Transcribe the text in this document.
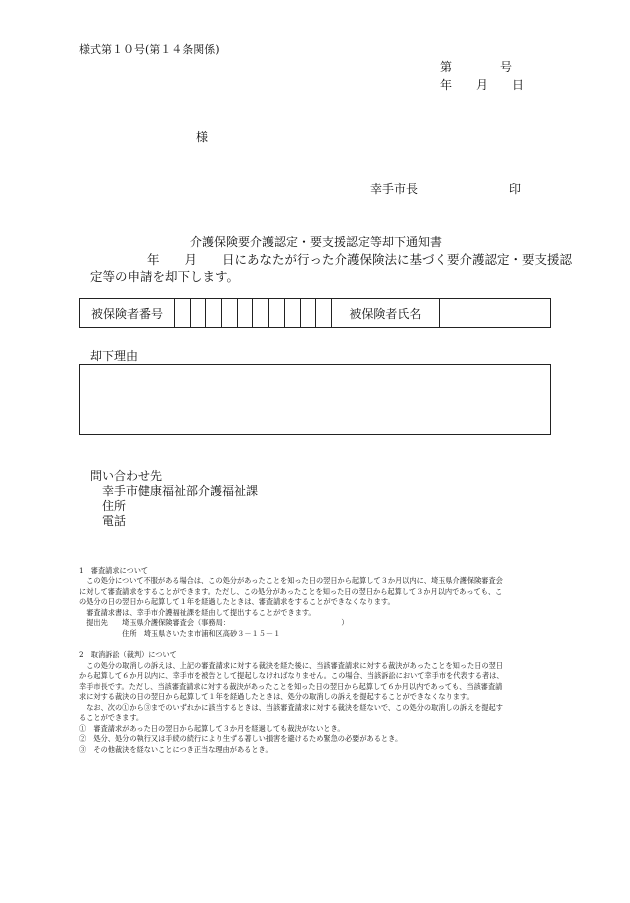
様式第１０号(第１４条関係)
第　　　　号
年　　月　　日
様
幸手市長	印
介護保険要介護認定・要支援認定等却下通知書
年　　月　　日にあなたが行った介護保険法に基づく要介護認定・要支援認
定等の申請を却下します。
被保険者番号	被保険者氏名
却下理由
問い合わせ先
幸手市健康福祉部介護福祉課
住所
電話
1　審査請求について
　この処分について不服がある場合は、この処分があったことを知った日の翌日から起算して３か月以内に、埼玉県介護保険審査会
に対して審査請求をすることができます。ただし、この処分があったことを知った日の翌日から起算して３か月以内であっても、こ
の処分の日の翌日から起算して１年を経過したときは、審査請求をすることができなくなります。
　審査請求書は、幸手市介護福祉課を経由して提出することができます。
　提出先　　埼玉県介護保険審査会（事務局：　　　　　　　　　　　　　　　　）
　　　　　　住所　埼玉県さいたま市浦和区高砂３－１５－１
2　取消訴訟（裁判）について
　この処分の取消しの訴えは、上記の審査請求に対する裁決を経た後に、当該審査請求に対する裁決があったことを知った日の翌日
から起算して６か月以内に、幸手市を被告として提起しなければなりません。この場合、当該訴訟において幸手市を代表する者は、
幸手市長です。ただし、当該審査請求に対する裁決があったことを知った日の翌日から起算して６か月以内であっても、当該審査請
求に対する裁決の日の翌日から起算して１年を経過したときは、処分の取消しの訴えを提起することができなくなります。
　なお、次の①から③までのいずれかに該当するときは、当該審査請求に対する裁決を経ないで、この処分の取消しの訴えを提起す
ることができます。
①　審査請求があった日の翌日から起算して３か月を経過しても裁決がないとき。
②　処分、処分の執行又は手続の続行により生ずる著しい損害を避けるため緊急の必要があるとき。
③　その他裁決を経ないことにつき正当な理由があるとき。
